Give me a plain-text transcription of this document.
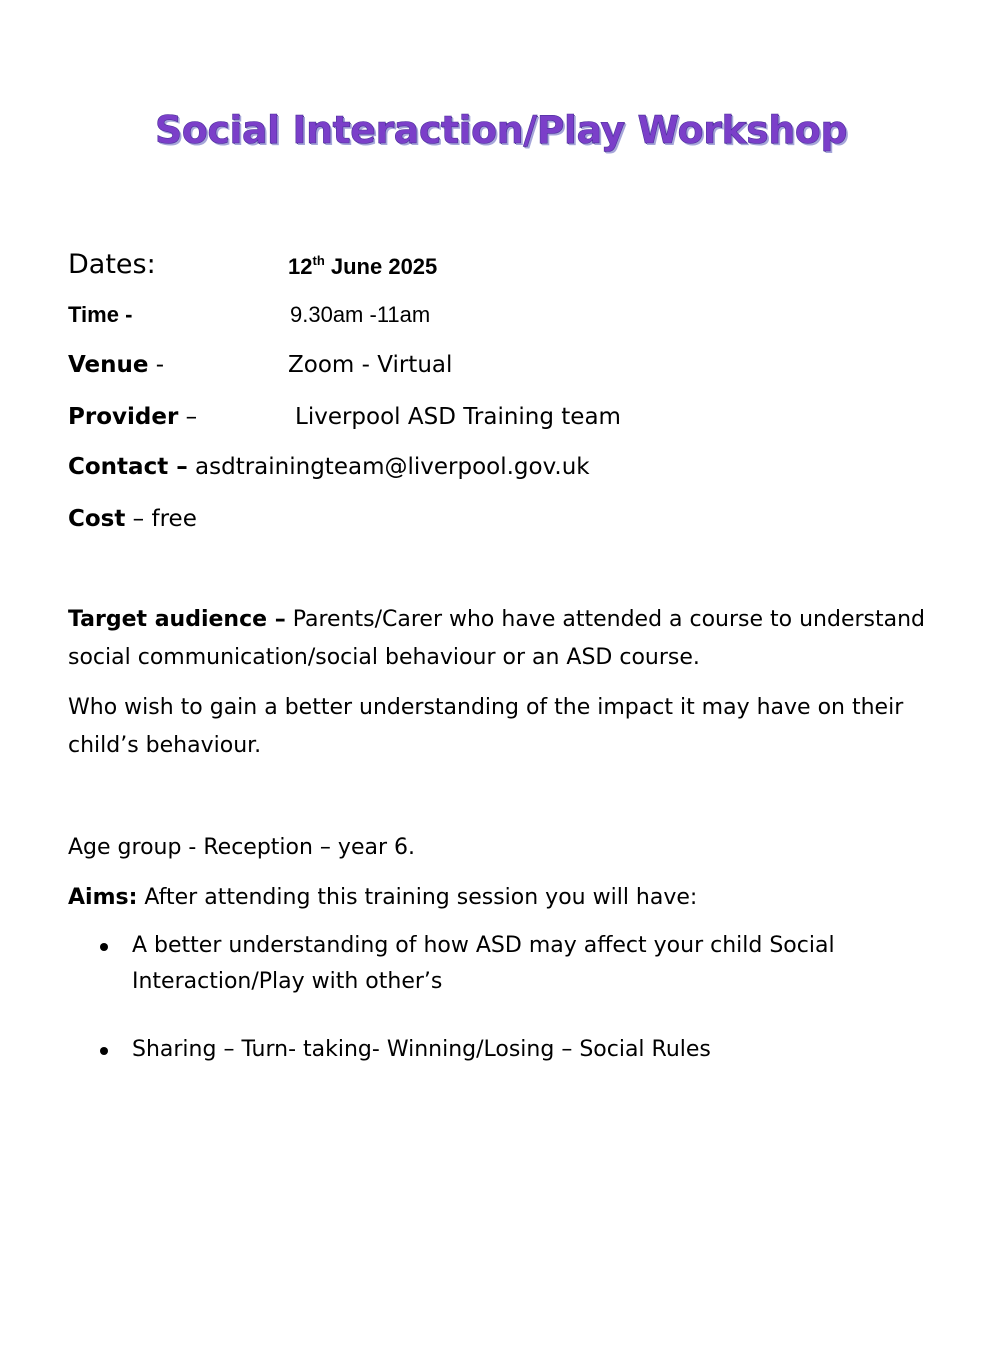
Social Interaction/Play Workshop
Dates:	12th June 2025
Time -	9.30am -11am
Venue -	Zoom - Virtual
Provider –	Liverpool ASD Training team
Contact – asdtrainingteam@liverpool.gov.uk
Cost – free
Target audience – Parents/Carer who have attended a course to understand social communication/social behaviour or an ASD course.
Who wish to gain a better understanding of the impact it may have on their child’s behaviour.
Age group - Reception – year 6.
Aims: After attending this training session you will have:
A better understanding of how ASD may affect your child Social Interaction/Play with other’s
Sharing – Turn- taking- Winning/Losing – Social Rules
